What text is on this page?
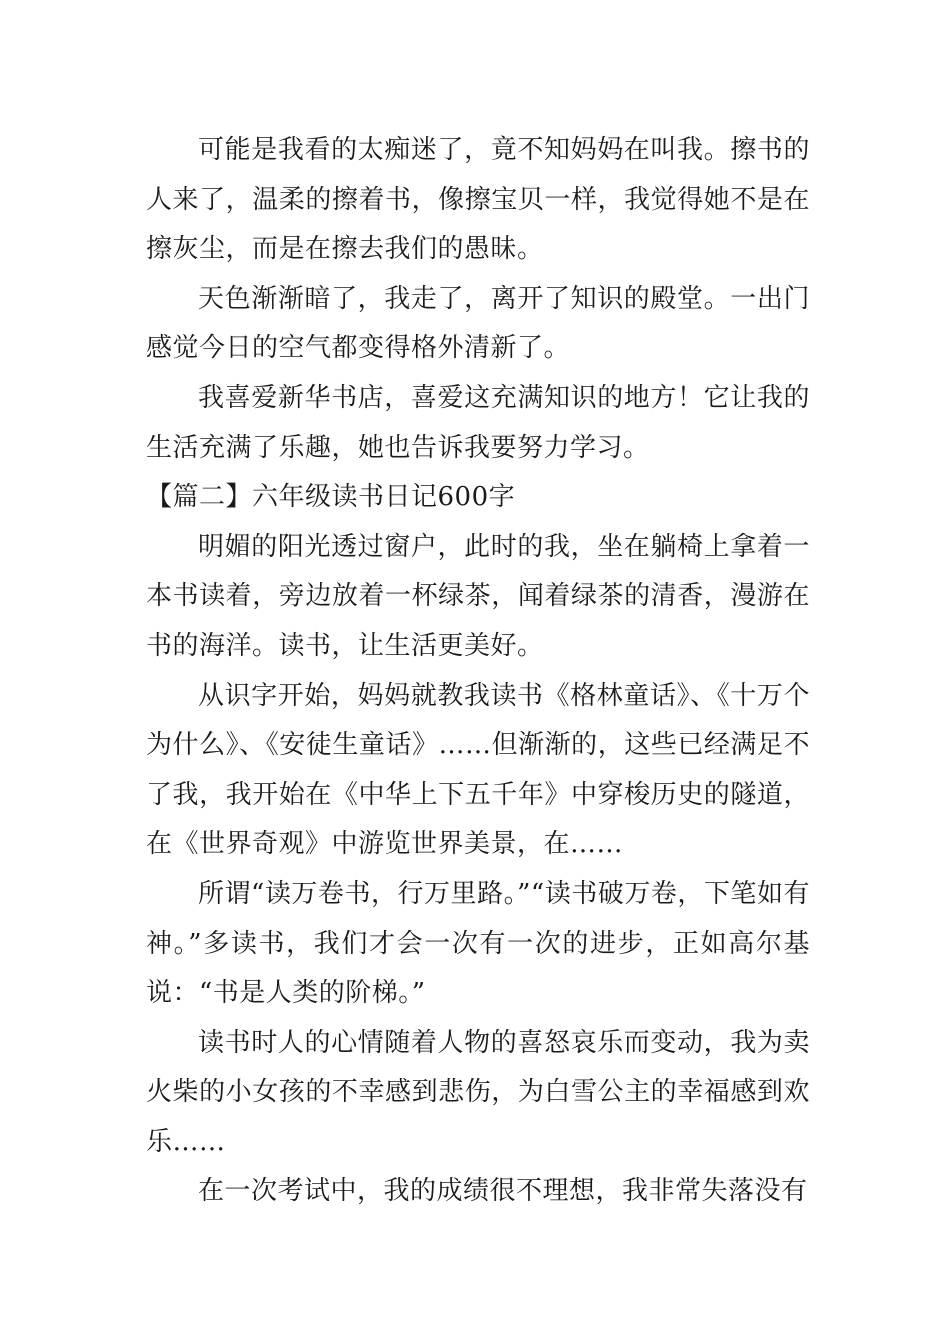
可能是我看的太痴迷了，竟不知妈妈在叫我。擦书的人来了，温柔的擦着书，像擦宝贝一样，我觉得她不是在擦灰尘，而是在擦去我们的愚昧。

天色渐渐暗了，我走了，离开了知识的殿堂。一出门感觉今日的空气都变得格外清新了。

我喜爱新华书店，喜爱这充满知识的地方！它让我的生活充满了乐趣，她也告诉我要努力学习。

【篇二】六年级读书日记600字

明媚的阳光透过窗户，此时的我，坐在躺椅上拿着一本书读着，旁边放着一杯绿茶，闻着绿茶的清香，漫游在书的海洋。读书，让生活更美好。

从识字开始，妈妈就教我读书《格林童话》、《十万个为什么》、《安徒生童话》……但渐渐的，这些已经满足不了我，我开始在《中华上下五千年》中穿梭历史的隧道，在《世界奇观》中游览世界美景，在……

所谓“读万卷书，行万里路。”“读书破万卷，下笔如有神。”多读书，我们才会一次有一次的进步，正如高尔基说：“书是人类的阶梯。”

读书时人的心情随着人物的喜怒哀乐而变动，我为卖火柴的小女孩的不幸感到悲伤，为白雪公主的幸福感到欢乐……

在一次考试中，我的成绩很不理想，我非常失落没有
